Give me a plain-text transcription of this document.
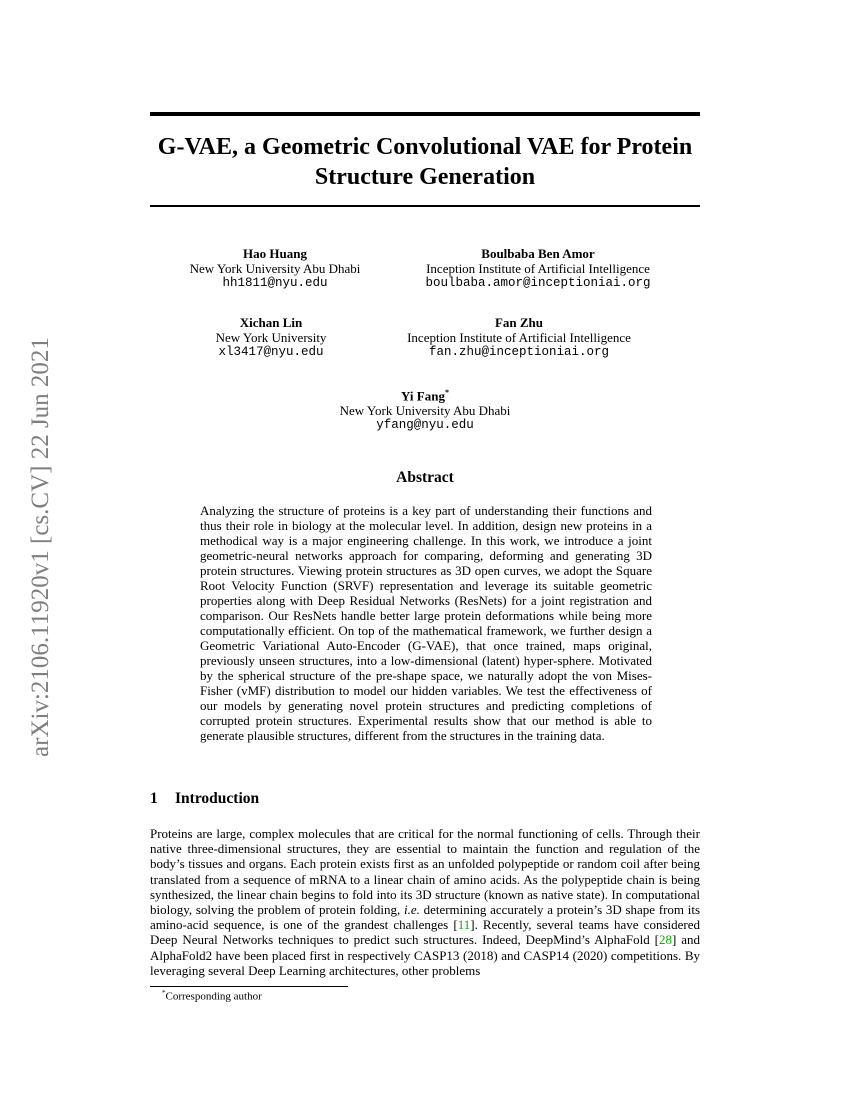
arXiv:2106.11920v1 [cs.CV] 22 Jun 2021
G-VAE, a Geometric Convolutional VAE for Protein Structure Generation
Hao Huang
New York University Abu Dhabi
hh1811@nyu.edu
Boulbaba Ben Amor
Inception Institute of Artificial Intelligence
boulbaba.amor@inceptioniai.org
Xichan Lin
New York University
xl3417@nyu.edu
Fan Zhu
Inception Institute of Artificial Intelligence
fan.zhu@inceptioniai.org
Yi Fang*
New York University Abu Dhabi
yfang@nyu.edu
Abstract

Analyzing the structure of proteins is a key part of understanding their functions and thus their role in biology at the molecular level. In addition, design new proteins in a methodical way is a major engineering challenge. In this work, we introduce a joint geometric-neural networks approach for comparing, deforming and generating 3D protein structures. Viewing protein structures as 3D open curves, we adopt the Square Root Velocity Function (SRVF) representation and leverage its suitable geometric properties along with Deep Residual Networks (ResNets) for a joint registration and comparison. Our ResNets handle better large protein deformations while being more computationally efficient. On top of the mathematical framework, we further design a Geometric Variational Auto-Encoder (G-VAE), that once trained, maps original, previously unseen structures, into a low-dimensional (latent) hyper-sphere. Motivated by the spherical structure of the pre-shape space, we naturally adopt the von Mises-Fisher (vMF) distribution to model our hidden variables. We test the effectiveness of our models by generating novel protein structures and predicting completions of corrupted protein structures. Experimental results show that our method is able to generate plausible structures, different from the structures in the training data.

1 Introduction

Proteins are large, complex molecules that are critical for the normal functioning of cells. Through their native three-dimensional structures, they are essential to maintain the function and regulation of the body’s tissues and organs. Each protein exists first as an unfolded polypeptide or random coil after being translated from a sequence of mRNA to a linear chain of amino acids. As the polypeptide chain is being synthesized, the linear chain begins to fold into its 3D structure (known as native state). In computational biology, solving the problem of protein folding, i.e. determining accurately a protein’s 3D shape from its amino-acid sequence, is one of the grandest challenges [11]. Recently, several teams have considered Deep Neural Networks techniques to predict such structures. Indeed, DeepMind’s AlphaFold [28] and AlphaFold2 have been placed first in respectively CASP13 (2018) and CASP14 (2020) competitions. By leveraging several Deep Learning architectures, other problems

*Corresponding author
